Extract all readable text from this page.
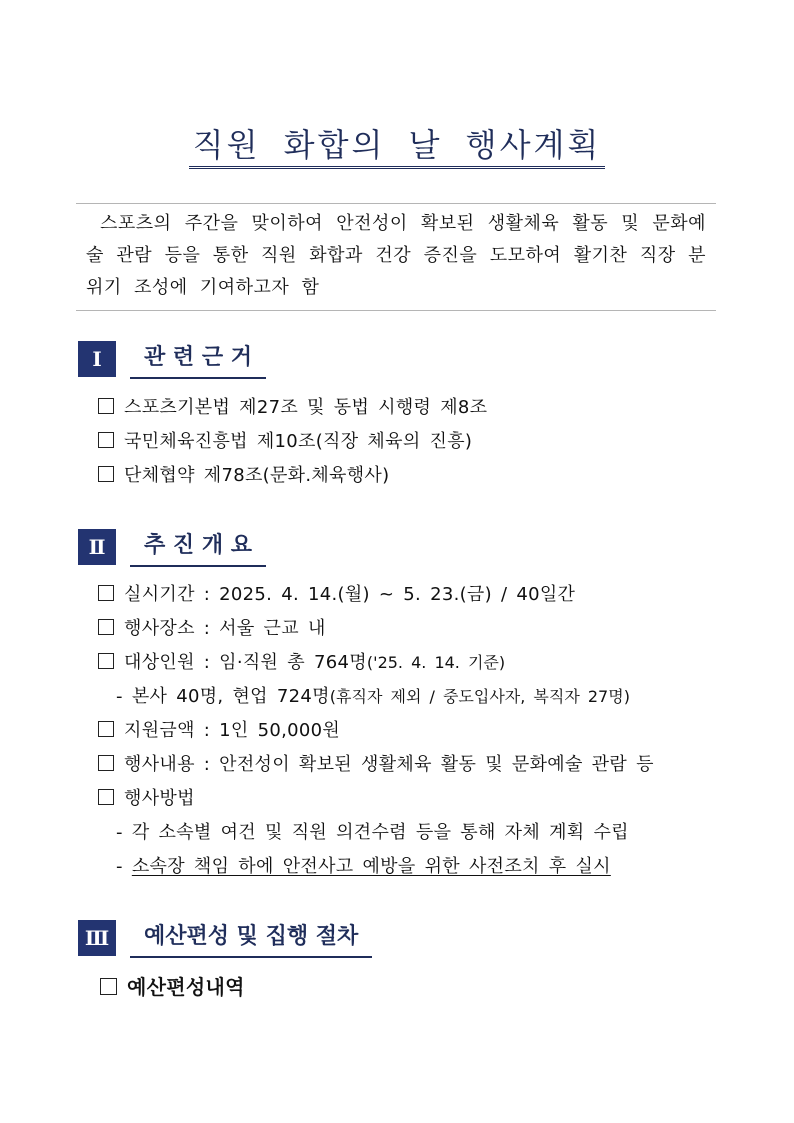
직원 화합의 날 행사계획
스포츠의 주간을 맞이하여 안전성이 확보된 생활체육 활동 및 문화예술 관람 등을 통한 직원 화합과 건강 증진을 도모하여 활기찬 직장 분위기 조성에 기여하고자 함
Ⅰ	관 련 근 거
스포츠기본법 제27조 및 동법 시행령 제8조
국민체육진흥법 제10조(직장 체육의 진흥)
단체협약 제78조(문화.체육행사)
Ⅱ	추 진 개 요
실시기간 : 2025. 4. 14.(월) ~ 5. 23.(금) / 40일간
행사장소 : 서울 근교 내
대상인원 : 임·직원 총 764명('25. 4. 14. 기준)
- 본사 40명, 현업 724명(휴직자 제외 / 중도입사자, 복직자 27명)
지원금액 : 1인 50,000원
행사내용 : 안전성이 확보된 생활체육 활동 및 문화예술 관람 등
행사방법
- 각 소속별 여건 및 직원 의견수렴 등을 통해 자체 계획 수립
- 소속장 책임 하에 안전사고 예방을 위한 사전조치 후 실시
Ⅲ	예산편성 및 집행 절차
예산편성내역
